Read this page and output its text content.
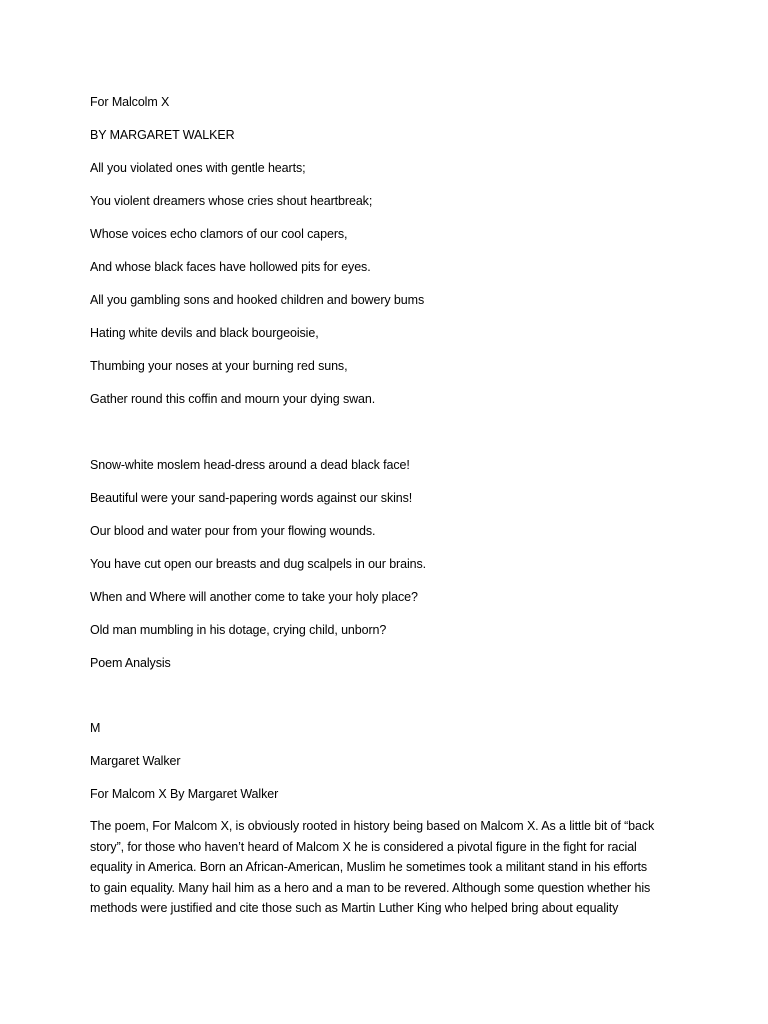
For Malcolm X
BY MARGARET WALKER
All you violated ones with gentle hearts;
You violent dreamers whose cries shout heartbreak;
Whose voices echo clamors of our cool capers,
And whose black faces have hollowed pits for eyes.
All you gambling sons and hooked children and bowery bums
Hating white devils and black bourgeoisie,
Thumbing your noses at your burning red suns,
Gather round this coffin and mourn your dying swan.
Snow-white moslem head-dress around a dead black face!
Beautiful were your sand-papering words against our skins!
Our blood and water pour from your flowing wounds.
You have cut open our breasts and dug scalpels in our brains.
When and Where will another come to take your holy place?
Old man mumbling in his dotage, crying child, unborn?
Poem Analysis
M
Margaret Walker
For Malcom X By Margaret Walker
The poem, For Malcom X, is obviously rooted in history being based on Malcom X. As a little bit of “back story”, for those who haven’t heard of Malcom X he is considered a pivotal figure in the fight for racial equality in America. Born an African-American, Muslim he sometimes took a militant stand in his efforts to gain equality. Many hail him as a hero and a man to be revered. Although some question whether his methods were justified and cite those such as Martin Luther King who helped bring about equality
